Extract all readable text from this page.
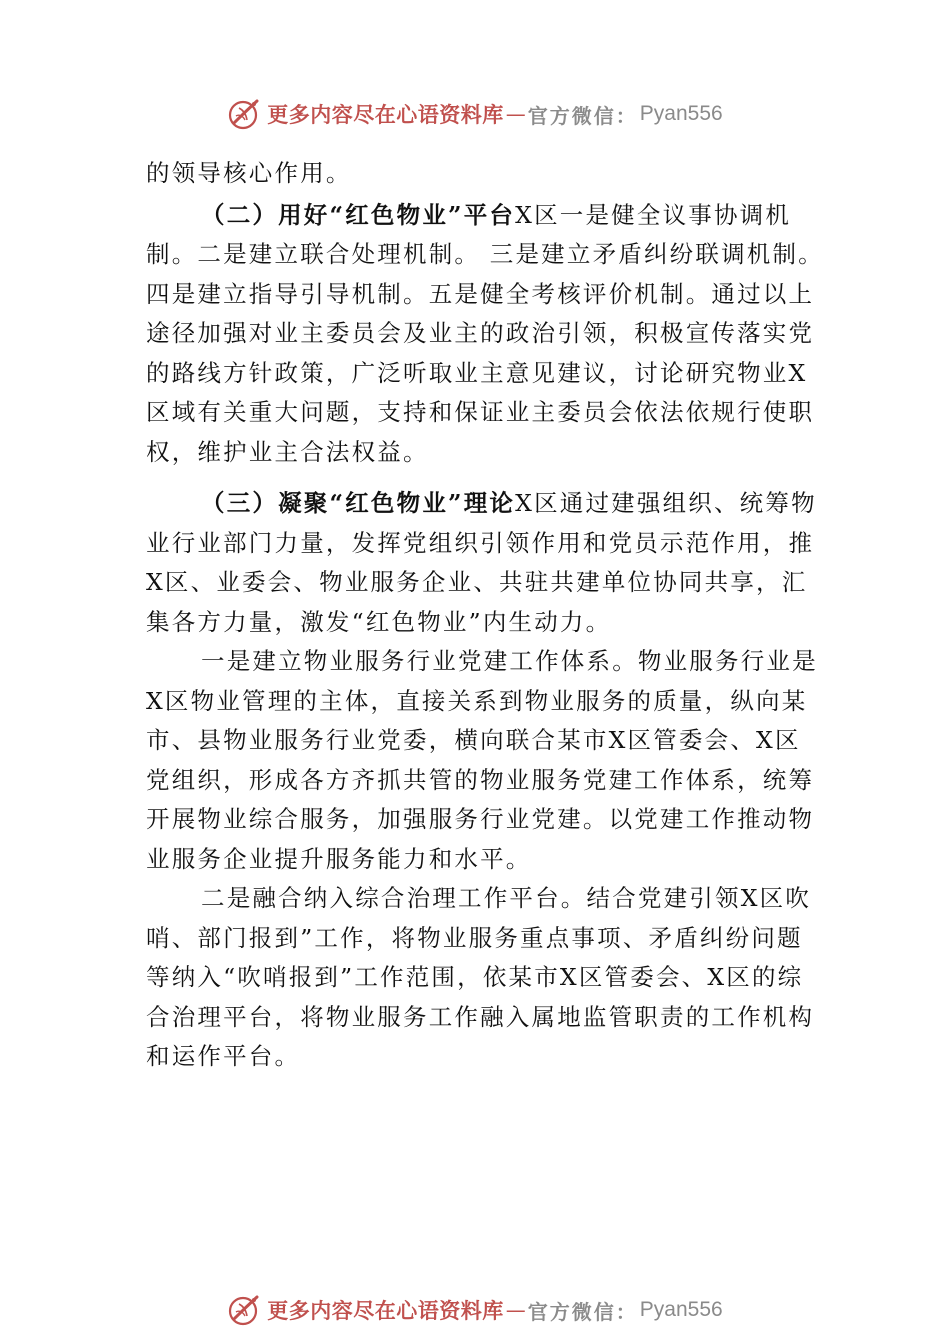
更多内容尽在心语资料库 — 官方微信： Pyan556

的领导核心作用。

（二）用好“红色物业”平台X区一是健全议事协调机制。二是建立联合处理机制。 三是建立矛盾纠纷联调机制。四是建立指导引导机制。五是健全考核评价机制。通过以上途径加强对业主委员会及业主的政治引领，积极宣传落实党的路线方针政策，广泛听取业主意见建议，讨论研究物业X区域有关重大问题，支持和保证业主委员会依法依规行使职权，维护业主合法权益。

（三）凝聚“红色物业”理论X区通过建强组织、统筹物业行业部门力量，发挥党组织引领作用和党员示范作用，推X区、业委会、物业服务企业、共驻共建单位协同共享，汇集各方力量，激发“红色物业”内生动力。

一是建立物业服务行业党建工作体系。物业服务行业是X区物业管理的主体，直接关系到物业服务的质量，纵向某市、县物业服务行业党委，横向联合某市X区管委会、X区党组织，形成各方齐抓共管的物业服务党建工作体系，统筹开展物业综合服务，加强服务行业党建。以党建工作推动物业服务企业提升服务能力和水平。

二是融合纳入综合治理工作平台。结合党建引领X区吹哨、部门报到”工作，将物业服务重点事项、矛盾纠纷问题等纳入“吹哨报到”工作范围，依某市X区管委会、X区的综合治理平台，将物业服务工作融入属地监管职责的工作机构和运作平台。

更多内容尽在心语资料库 — 官方微信： Pyan556
